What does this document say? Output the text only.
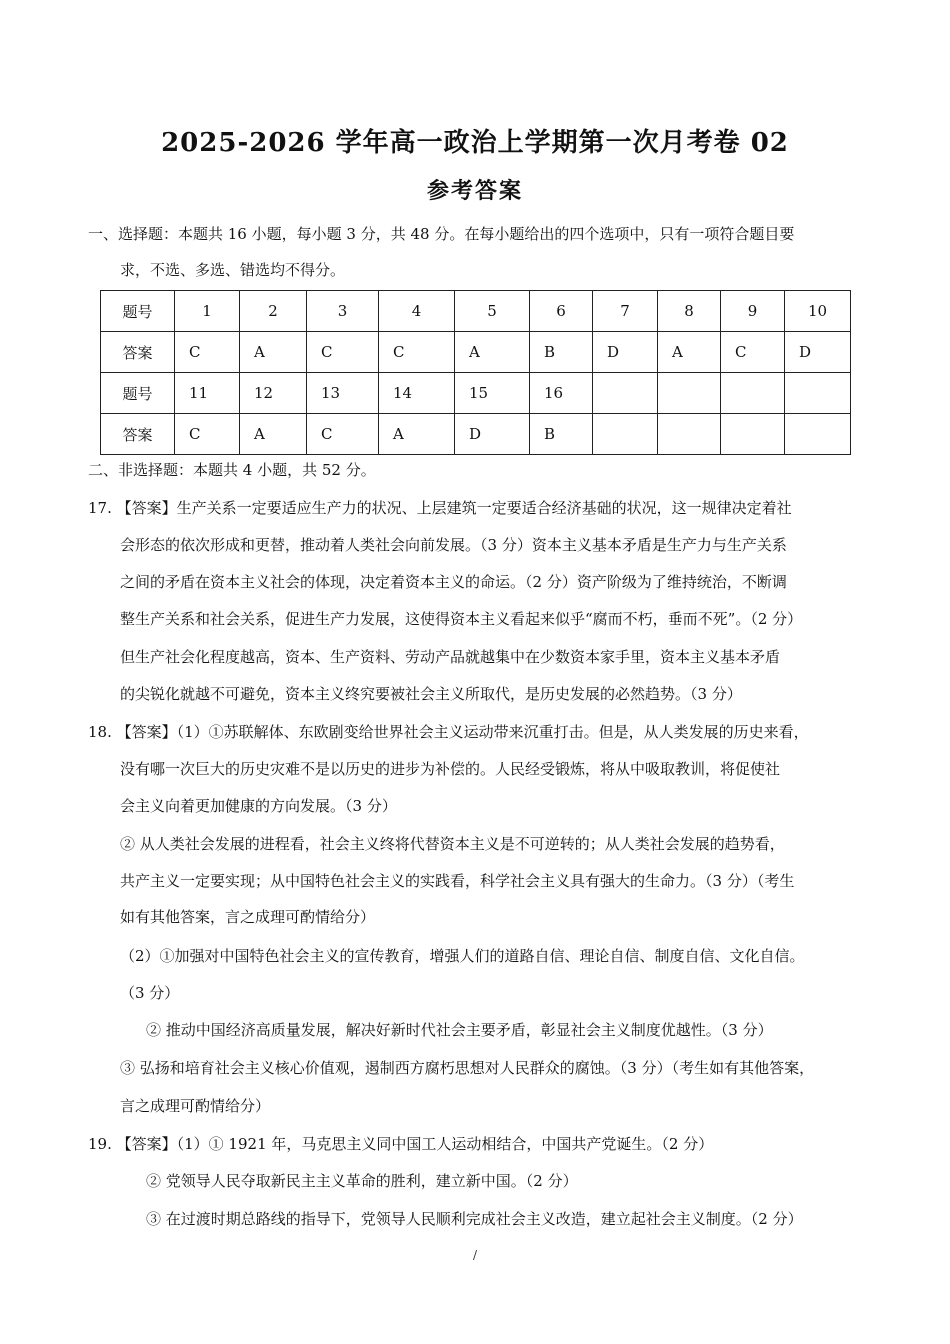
2025-2026 学年高一政治上学期第一次月考卷 02
参考答案
一、选择题：本题共 16 小题，每小题 3 分，共 48 分。在每小题给出的四个选项中，只有一项符合题目要
求，不选、多选、错选均不得分。
题号	1	2	3	4	5	6	7	8	9	10
答案	C	A	C	C	A	B	D	A	C	D
题号	11	12	13	14	15	16				
答案	C	A	C	A	D	B				
二、非选择题：本题共 4 小题，共 52 分。
17. 【答案】生产关系一定要适应生产力的状况、上层建筑一定要适合经济基础的状况，这一规律决定着社
会形态的依次形成和更替，推动着人类社会向前发展。（3 分）资本主义基本矛盾是生产力与生产关系
之间的矛盾在资本主义社会的体现，决定着资本主义的命运。（2 分）资产阶级为了维持统治，不断调
整生产关系和社会关系，促进生产力发展，这使得资本主义看起来似乎“腐而不朽，垂而不死”。（2 分）
但生产社会化程度越高，资本、生产资料、劳动产品就越集中在少数资本家手里，资本主义基本矛盾
的尖锐化就越不可避免，资本主义终究要被社会主义所取代，是历史发展的必然趋势。（3 分）
18. 【答案】（1）①苏联解体、东欧剧变给世界社会主义运动带来沉重打击。但是，从人类发展的历史来看，
没有哪一次巨大的历史灾难不是以历史的进步为补偿的。人民经受锻炼，将从中吸取教训，将促使社
会主义向着更加健康的方向发展。（3 分）
② 从人类社会发展的进程看，社会主义终将代替资本主义是不可逆转的；从人类社会发展的趋势看，
共产主义一定要实现；从中国特色社会主义的实践看，科学社会主义具有强大的生命力。（3 分）（考生
如有其他答案，言之成理可酌情给分）
（2）①加强对中国特色社会主义的宣传教育，增强人们的道路自信、理论自信、制度自信、文化自信。
（3 分）
② 推动中国经济高质量发展，解决好新时代社会主要矛盾，彰显社会主义制度优越性。（3 分）
③ 弘扬和培育社会主义核心价值观，遏制西方腐朽思想对人民群众的腐蚀。（3 分）（考生如有其他答案，
言之成理可酌情给分）
19. 【答案】（1）① 1921 年，马克思主义同中国工人运动相结合，中国共产党诞生。（2 分）
② 党领导人民夺取新民主主义革命的胜利，建立新中国。（2 分）
③ 在过渡时期总路线的指导下，党领导人民顺利完成社会主义改造，建立起社会主义制度。（2 分）
/
